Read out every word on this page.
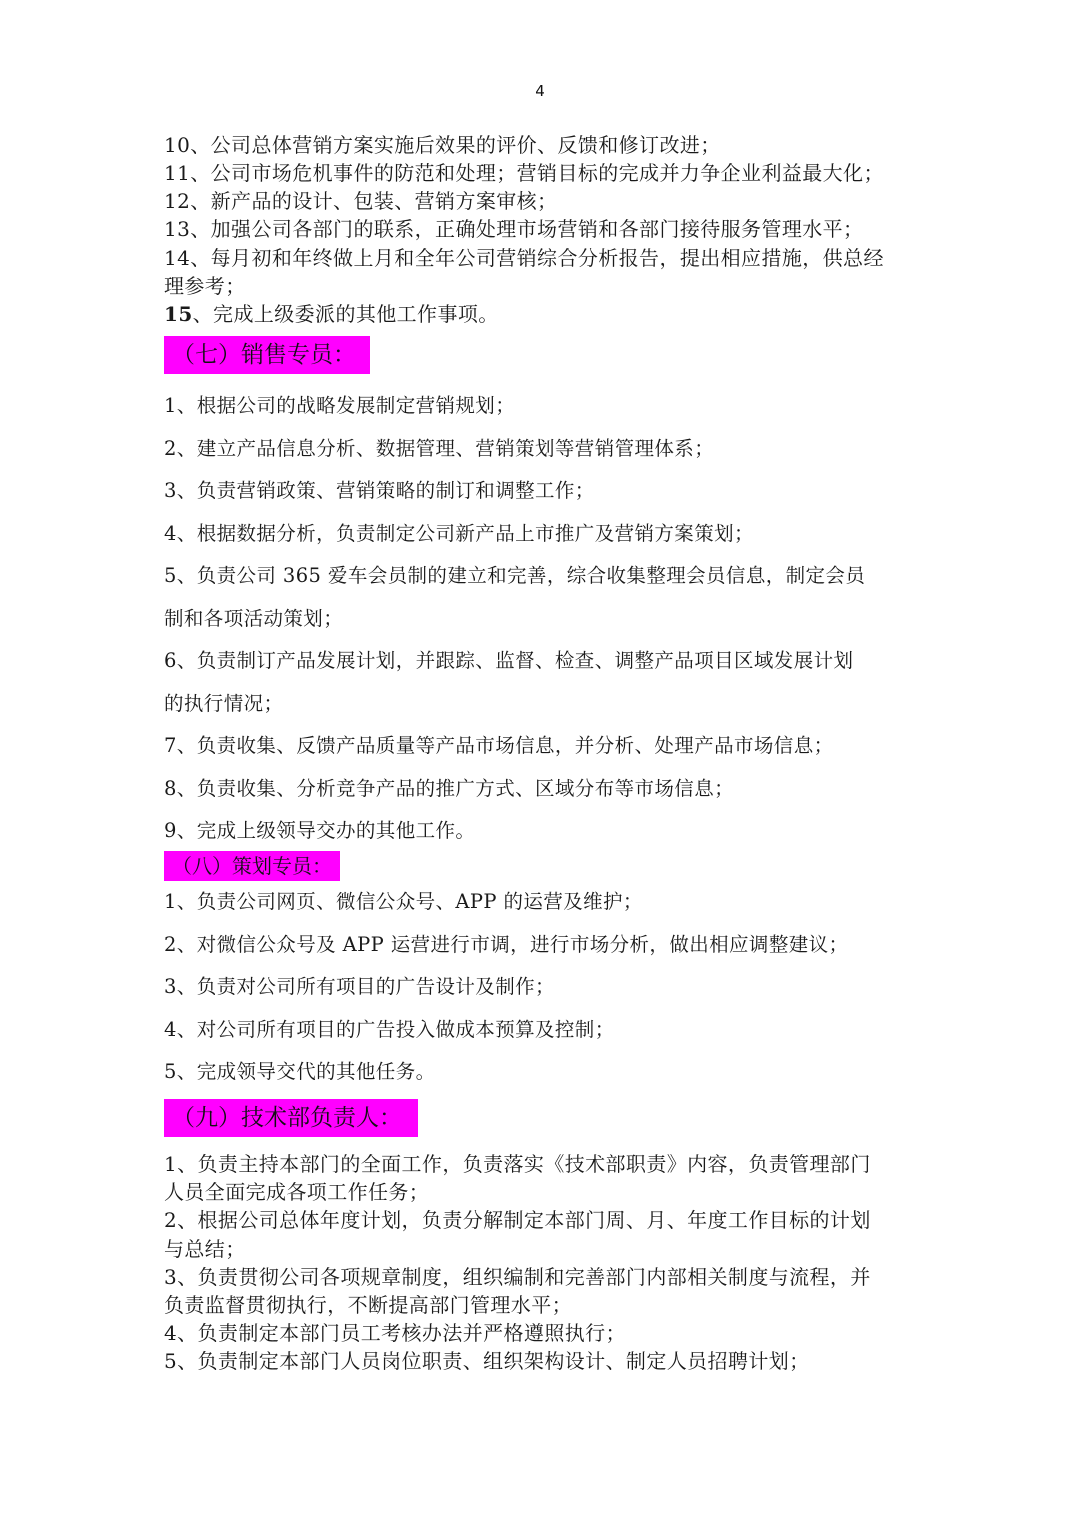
4
10、公司总体营销方案实施后效果的评价、反馈和修订改进；
11、公司市场危机事件的防范和处理；营销目标的完成并力争企业利益最大化；
12、新产品的设计、包装、营销方案审核；
13、加强公司各部门的联系，正确处理市场营销和各部门接待服务管理水平；
14、每月初和年终做上月和全年公司营销综合分析报告，提出相应措施，供总经
理参考；
15、完成上级委派的其他工作事项。
（七）销售专员：
1、根据公司的战略发展制定营销规划；
2、建立产品信息分析、数据管理、营销策划等营销管理体系；
3、负责营销政策、营销策略的制订和调整工作；
4、根据数据分析，负责制定公司新产品上市推广及营销方案策划；
5、负责公司 365 爱车会员制的建立和完善，综合收集整理会员信息，制定会员
制和各项活动策划；
6、负责制订产品发展计划，并跟踪、监督、检查、调整产品项目区域发展计划
的执行情况；
7、负责收集、反馈产品质量等产品市场信息，并分析、处理产品市场信息；
8、负责收集、分析竞争产品的推广方式、区域分布等市场信息；
9、完成上级领导交办的其他工作。
（八）策划专员：
1、负责公司网页、微信公众号、APP 的运营及维护；
2、对微信公众号及 APP 运营进行市调，进行市场分析，做出相应调整建议；
3、负责对公司所有项目的广告设计及制作；
4、对公司所有项目的广告投入做成本预算及控制；
5、完成领导交代的其他任务。
（九）技术部负责人：
1、负责主持本部门的全面工作，负责落实《技术部职责》内容，负责管理部门
人员全面完成各项工作任务；
2、根据公司总体年度计划，负责分解制定本部门周、月、年度工作目标的计划
与总结；
3、负责贯彻公司各项规章制度，组织编制和完善部门内部相关制度与流程，并
负责监督贯彻执行，不断提高部门管理水平；
4、负责制定本部门员工考核办法并严格遵照执行；
5、负责制定本部门人员岗位职责、组织架构设计、制定人员招聘计划；
